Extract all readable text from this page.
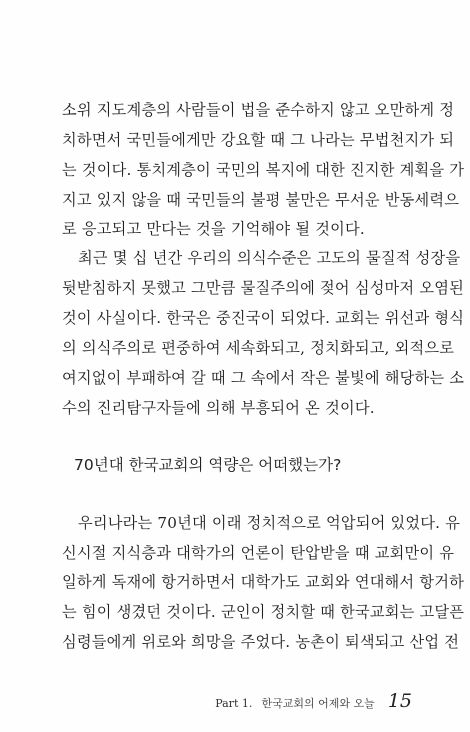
소위 지도계층의 사람들이 법을 준수하지 않고 오만하게 정
치하면서 국민들에게만 강요할 때 그 나라는 무법천지가 되
는 것이다. 통치계층이 국민의 복지에 대한 진지한 계획을 가
지고 있지 않을 때 국민들의 불평 불만은 무서운 반동세력으
로 응고되고 만다는 것을 기억해야 될 것이다.
최근 몇 십 년간 우리의 의식수준은 고도의 물질적 성장을
뒷받침하지 못했고 그만큼 물질주의에 젖어 심성마저 오염된
것이 사실이다. 한국은 중진국이 되었다. 교회는 위선과 형식
의 의식주의로 편중하여 세속화되고, 정치화되고, 외적으로
여지없이 부패하여 갈 때 그 속에서 작은 불빛에 해당하는 소
수의 진리탐구자들에 의해 부흥되어 온 것이다.
70년대 한국교회의 역량은 어떠했는가?
우리나라는 70년대 이래 정치적으로 억압되어 있었다. 유
신시절 지식층과 대학가의 언론이 탄압받을 때 교회만이 유
일하게 독재에 항거하면서 대학가도 교회와 연대해서 항거하
는 힘이 생겼던 것이다. 군인이 정치할 때 한국교회는 고달픈
심령들에게 위로와 희망을 주었다. 농촌이 퇴색되고 산업 전
Part 1. 한국교회의 어제와 오늘 15
